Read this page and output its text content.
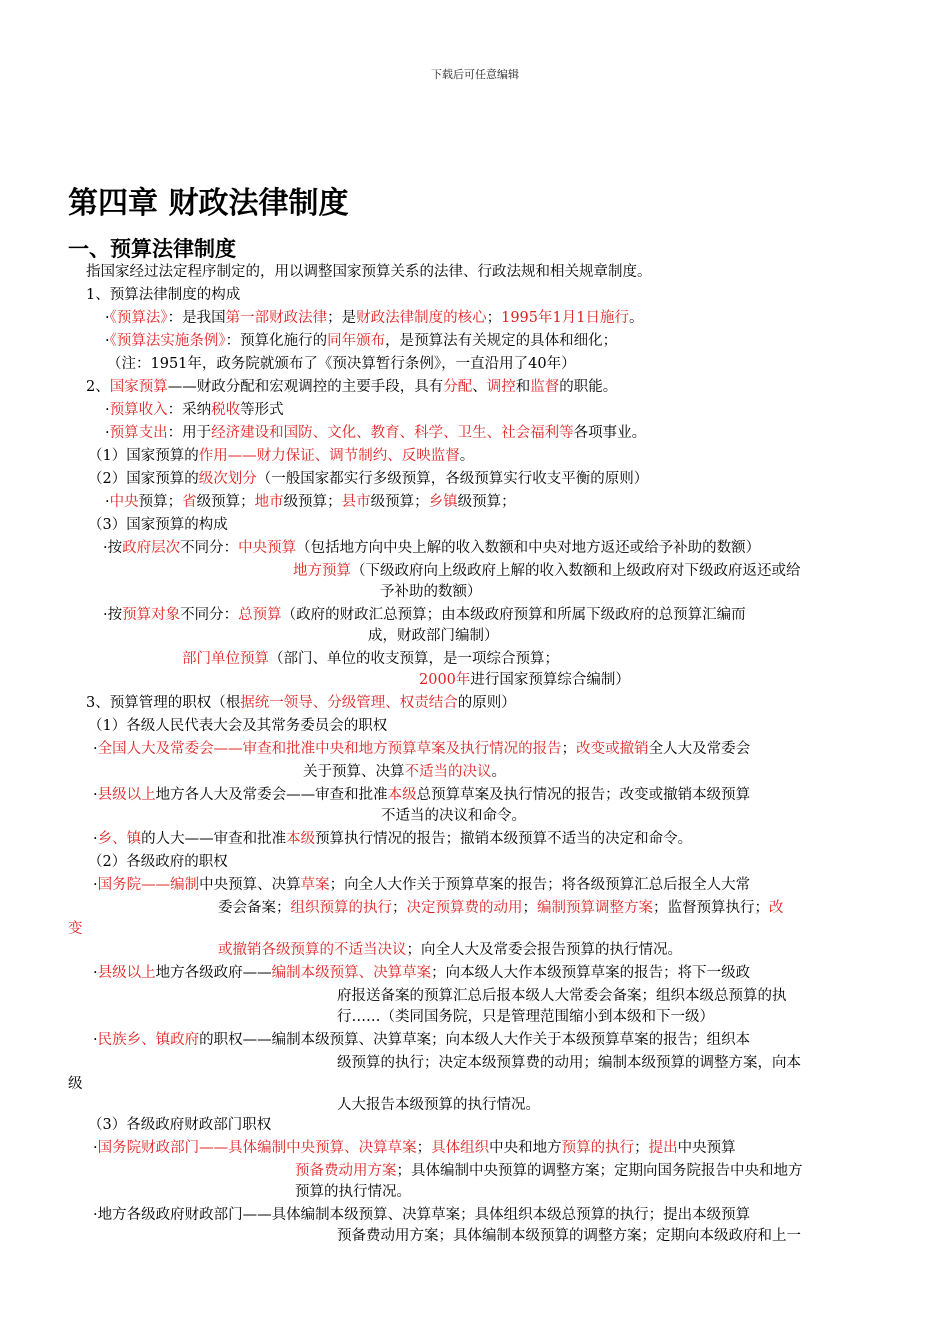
下载后可任意编辑
第四章 财政法律制度
一、预算法律制度
指国家经过法定程序制定的，用以调整国家预算关系的法律、行政法规和相关规章制度。
1、预算法律制度的构成
·《预算法》：是我国第一部财政法律；是财政法律制度的核心；1995年1月1日施行。
·《预算法实施条例》：预算化施行的同年颁布，是预算法有关规定的具体和细化；
（注：1951年，政务院就颁布了《预决算暂行条例》，一直沿用了40年）
2、国家预算——财政分配和宏观调控的主要手段，具有分配、调控和监督的职能。
·预算收入：采纳税收等形式
·预算支出：用于经济建设和国防、文化、教育、科学、卫生、社会福利等各项事业。
（1）国家预算的作用——财力保证、调节制约、反映监督。
（2）国家预算的级次划分（一般国家都实行多级预算，各级预算实行收支平衡的原则）
·中央预算；省级预算；地市级预算；县市级预算；乡镇级预算；
（3）国家预算的构成
·按政府层次不同分：中央预算（包括地方向中央上解的收入数额和中央对地方返还或给予补助的数额）
地方预算（下级政府向上级政府上解的收入数额和上级政府对下级政府返还或给
予补助的数额）
·按预算对象不同分：总预算（政府的财政汇总预算；由本级政府预算和所属下级政府的总预算汇编而
成，财政部门编制）
部门单位预算（部门、单位的收支预算，是一项综合预算；
2000年进行国家预算综合编制）
3、预算管理的职权（根据统一领导、分级管理、权责结合的原则）
（1）各级人民代表大会及其常务委员会的职权
·全国人大及常委会——审查和批准中央和地方预算草案及执行情况的报告；改变或撤销全人大及常委会
关于预算、决算不适当的决议。
·县级以上地方各人大及常委会——审查和批准本级总预算草案及执行情况的报告；改变或撤销本级预算
不适当的决议和命令。
·乡、镇的人大——审查和批准本级预算执行情况的报告；撤销本级预算不适当的决定和命令。
（2）各级政府的职权
·国务院——编制中央预算、决算草案；向全人大作关于预算草案的报告；将各级预算汇总后报全人大常
委会备案；组织预算的执行；决定预算费的动用；编制预算调整方案；监督预算执行；改
变
或撤销各级预算的不适当决议；向全人大及常委会报告预算的执行情况。
·县级以上地方各级政府——编制本级预算、决算草案；向本级人大作本级预算草案的报告；将下一级政
府报送备案的预算汇总后报本级人大常委会备案；组织本级总预算的执
行……（类同国务院，只是管理范围缩小到本级和下一级）
·民族乡、镇政府的职权——编制本级预算、决算草案；向本级人大作关于本级预算草案的报告；组织本
级预算的执行；决定本级预算费的动用；编制本级预算的调整方案，向本
级
人大报告本级预算的执行情况。
（3）各级政府财政部门职权
·国务院财政部门——具体编制中央预算、决算草案；具体组织中央和地方预算的执行；提出中央预算
预备费动用方案；具体编制中央预算的调整方案；定期向国务院报告中央和地方
预算的执行情况。
·地方各级政府财政部门——具体编制本级预算、决算草案；具体组织本级总预算的执行；提出本级预算
预备费动用方案；具体编制本级预算的调整方案；定期向本级政府和上一
